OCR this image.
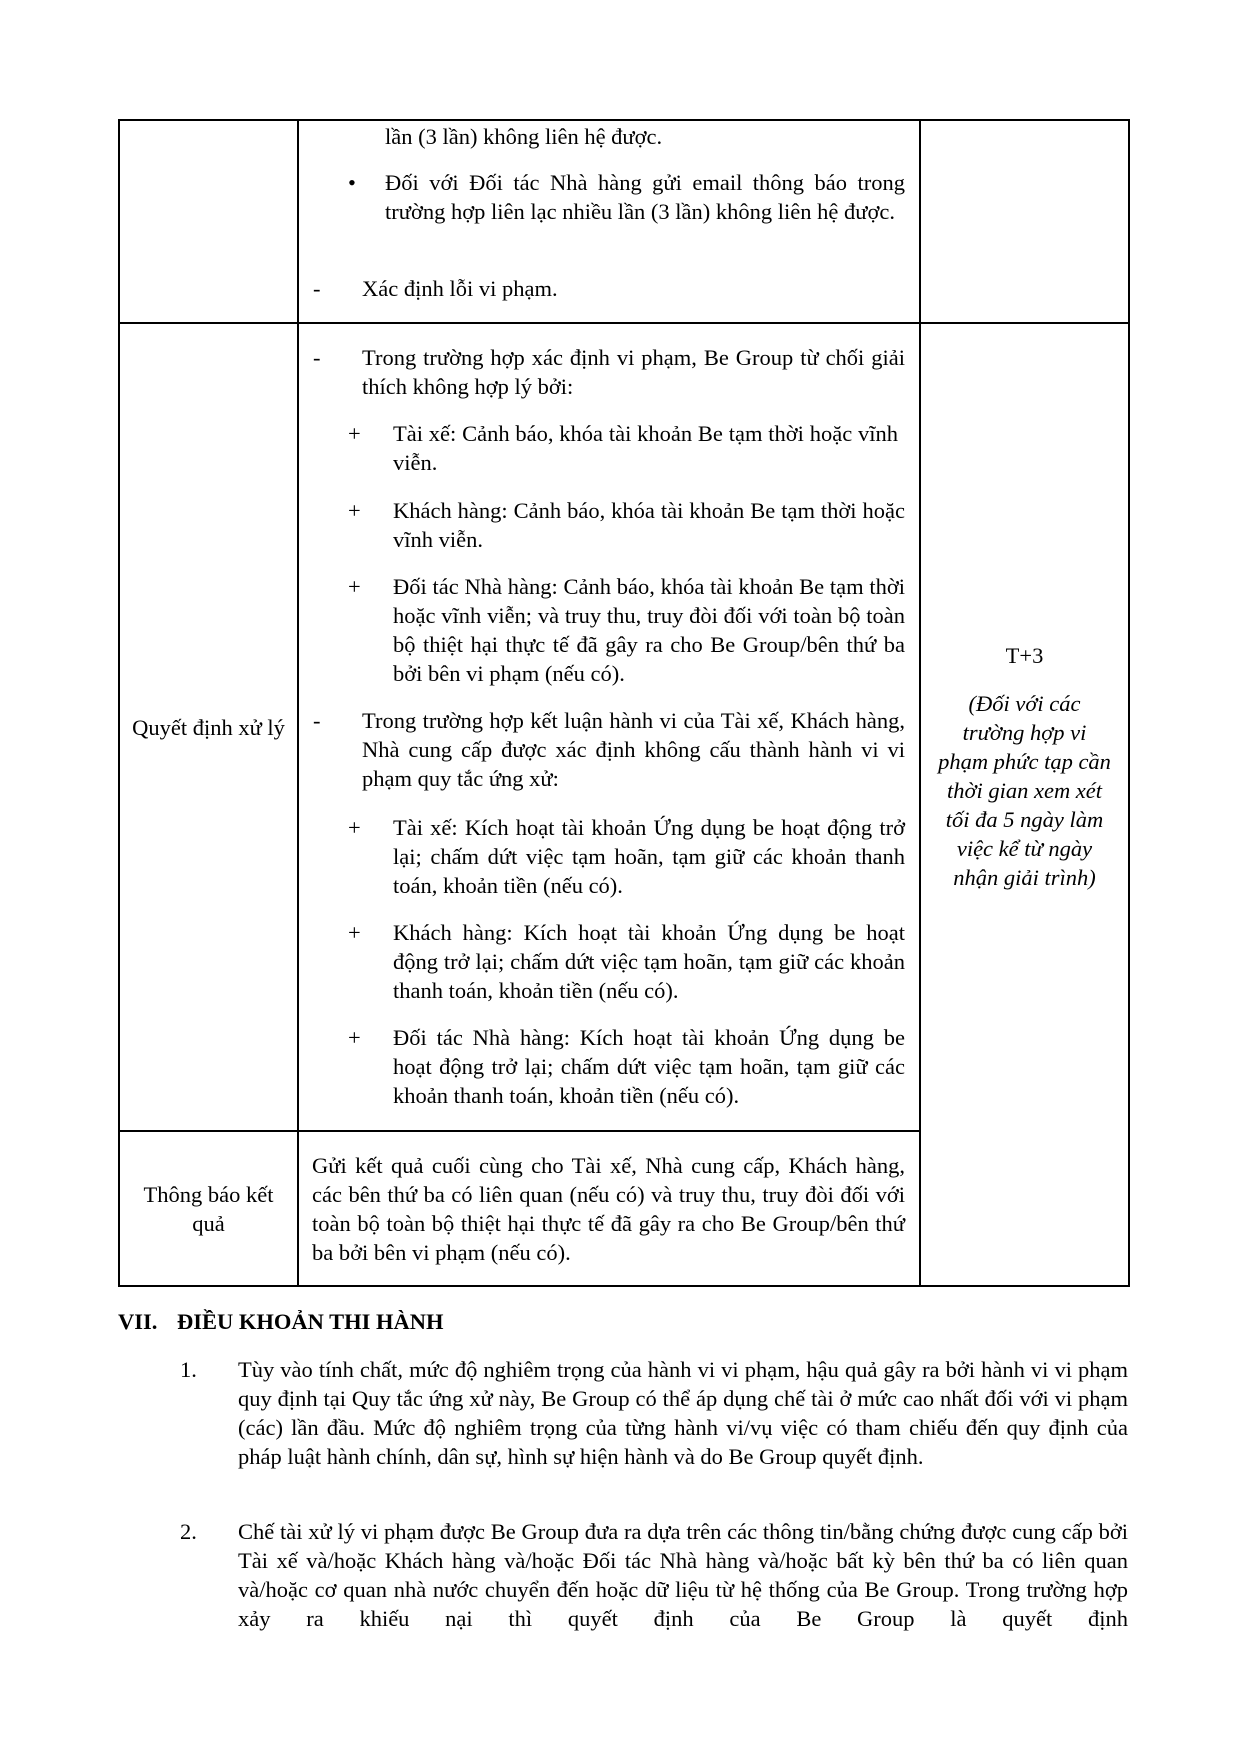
lần (3 lần) không liên hệ được.
• Đối với Đối tác Nhà hàng gửi email thông báo trong trường hợp liên lạc nhiều lần (3 lần) không liên hệ được.
- Xác định lỗi vi phạm.
Quyết định xử lý
- Trong trường hợp xác định vi phạm, Be Group từ chối giải thích không hợp lý bởi:
+ Tài xế: Cảnh báo, khóa tài khoản Be tạm thời hoặc vĩnh viễn.
+ Khách hàng: Cảnh báo, khóa tài khoản Be tạm thời hoặc vĩnh viễn.
+ Đối tác Nhà hàng: Cảnh báo, khóa tài khoản Be tạm thời hoặc vĩnh viễn; và truy thu, truy đòi đối với toàn bộ toàn bộ thiệt hại thực tế đã gây ra cho Be Group/bên thứ ba bởi bên vi phạm (nếu có).
- Trong trường hợp kết luận hành vi của Tài xế, Khách hàng, Nhà cung cấp được xác định không cấu thành hành vi vi phạm quy tắc ứng xử:
+ Tài xế: Kích hoạt tài khoản Ứng dụng be hoạt động trở lại; chấm dứt việc tạm hoãn, tạm giữ các khoản thanh toán, khoản tiền (nếu có).
+ Khách hàng: Kích hoạt tài khoản Ứng dụng be hoạt động trở lại; chấm dứt việc tạm hoãn, tạm giữ các khoản thanh toán, khoản tiền (nếu có).
+ Đối tác Nhà hàng: Kích hoạt tài khoản Ứng dụng be hoạt động trở lại; chấm dứt việc tạm hoãn, tạm giữ các khoản thanh toán, khoản tiền (nếu có).
T+3
(Đối với các trường hợp vi phạm phức tạp cần thời gian xem xét tối đa 5 ngày làm việc kể từ ngày nhận giải trình)
Thông báo kết quả
Gửi kết quả cuối cùng cho Tài xế, Nhà cung cấp, Khách hàng, các bên thứ ba có liên quan (nếu có) và truy thu, truy đòi đối với toàn bộ toàn bộ thiệt hại thực tế đã gây ra cho Be Group/bên thứ ba bởi bên vi phạm (nếu có).
VII. ĐIỀU KHOẢN THI HÀNH
1. Tùy vào tính chất, mức độ nghiêm trọng của hành vi vi phạm, hậu quả gây ra bởi hành vi vi phạm quy định tại Quy tắc ứng xử này, Be Group có thể áp dụng chế tài ở mức cao nhất đối với vi phạm (các) lần đầu. Mức độ nghiêm trọng của từng hành vi/vụ việc có tham chiếu đến quy định của pháp luật hành chính, dân sự, hình sự hiện hành và do Be Group quyết định.
2. Chế tài xử lý vi phạm được Be Group đưa ra dựa trên các thông tin/bằng chứng được cung cấp bởi Tài xế và/hoặc Khách hàng và/hoặc Đối tác Nhà hàng và/hoặc bất kỳ bên thứ ba có liên quan và/hoặc cơ quan nhà nước chuyển đến hoặc dữ liệu từ hệ thống của Be Group. Trong trường hợp xảy ra khiếu nại thì quyết định của Be Group là quyết định
